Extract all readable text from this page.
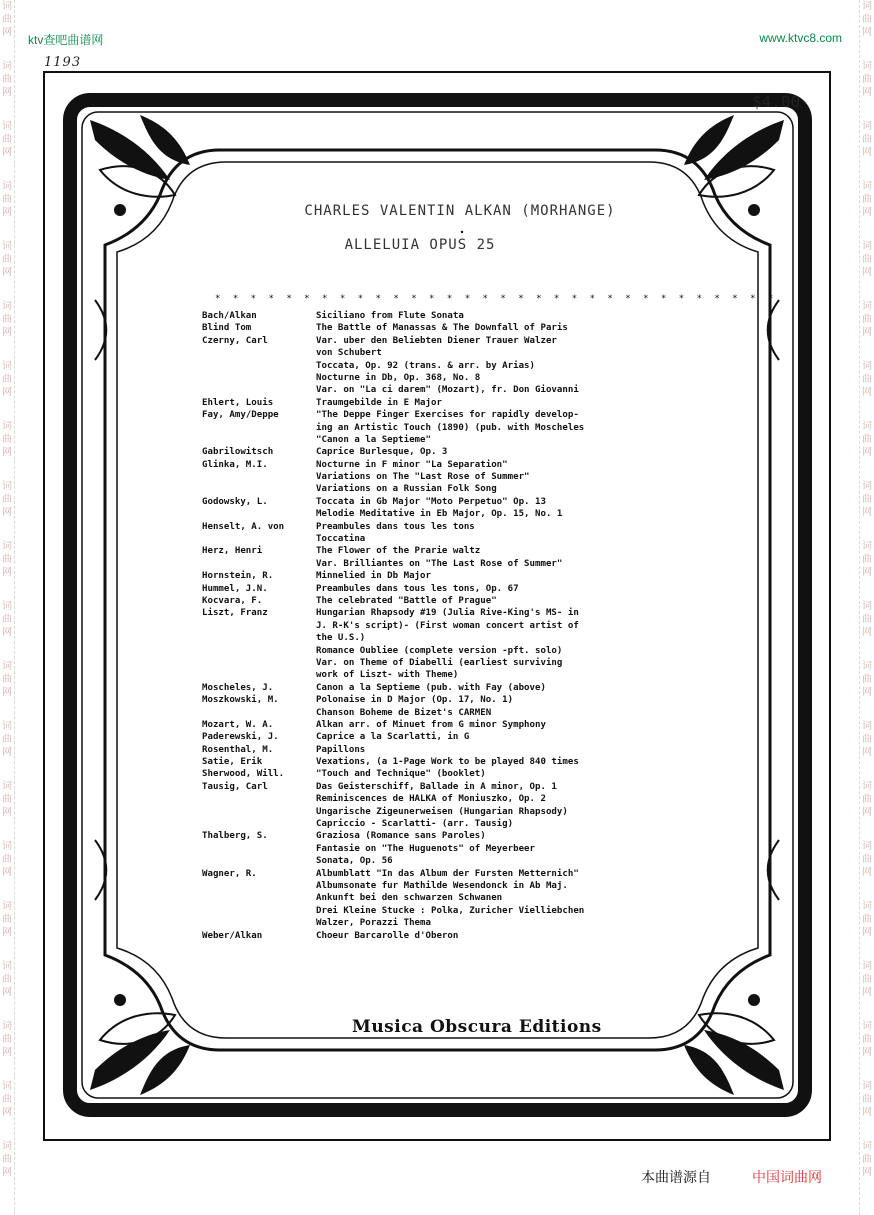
ktv查吧曲谱网	www.ktvc8.com
词
曲
网
词
曲
网
词
曲
网
词
曲
网
词
曲
网
词
曲
网
词
曲
网
词
曲
网
词
曲
网
词
曲
网
词
曲
网
词
曲
网
词
曲
网
词
曲
网
词
曲
网
词
曲
网
词
曲
网
词
曲
网
词
曲
网
词
曲
网
词
曲
网
词
曲
网
词
曲
网
词
曲
网
词
曲
网
词
曲
网
词
曲
网
词
曲
网
词
曲
网
词
曲
网
词
曲
网
词
曲
网
词
曲
网
词
曲
网
词
曲
网
词
曲
网
词
曲
网
词
曲
网
词
曲
网
词
曲
网
1193
$4.00
CHARLES VALENTIN ALKAN (MORHANGE)
ALLELUIA OPUS 25
* * * * * * * * * * * * * * * * * * * * * * * * * * * * * * * *
Bach/Alkan	Siciliano from Flute Sonata
Blind Tom	The Battle of Manassas & The Downfall of Paris
Czerny, Carl	Var. uber den Beliebten Diener Trauer Walzer
von Schubert
Toccata, Op. 92 (trans. & arr. by Arias)
Nocturne in Db, Op. 368, No. 8
Var. on "La ci darem" (Mozart), fr. Don Giovanni
Ehlert, Louis	Traumgebilde in E Major
Fay, Amy/Deppe	"The Deppe Finger Exercises for rapidly develop-
ing an Artistic Touch (1890) (pub. with Moscheles
"Canon a la Septieme"
Gabrilowitsch	Caprice Burlesque, Op. 3
Glinka, M.I.	Nocturne in F minor "La Separation"
Variations on The "Last Rose of Summer"
Variations on a Russian Folk Song
Godowsky, L.	Toccata in Gb Major "Moto Perpetuo" Op. 13
Melodie Meditative in Eb Major, Op. 15, No. 1
Henselt, A. von	Preambules dans tous les tons
Toccatina
Herz, Henri	The Flower of the Prarie waltz
Var. Brilliantes on "The Last Rose of Summer"
Hornstein, R.	Minnelied in Db Major
Hummel, J.N.	Preambules dans tous les tons, Op. 67
Kocvara, F.	The celebrated "Battle of Prague"
Liszt, Franz	Hungarian Rhapsody #19 (Julia Rive-King's MS- in
J. R-K's script)- (First woman concert artist of
the U.S.)
Romance Oubliee (complete version -pft. solo)
Var. on Theme of Diabelli (earliest surviving
work of Liszt- with Theme)
Moscheles, J.	Canon a la Septieme (pub. with Fay (above)
Moszkowski, M.	Polonaise in D Major (Op. 17, No. 1)
Chanson Boheme de Bizet's CARMEN
Mozart, W. A.	Alkan arr. of Minuet from G minor Symphony
Paderewski, J.	Caprice a la Scarlatti, in G
Rosenthal, M.	Papillons
Satie, Erik	Vexations, (a 1-Page Work to be played 840 times
Sherwood, Will.	"Touch and Technique" (booklet)
Tausig, Carl	Das Geisterschiff, Ballade in A minor, Op. 1
Reminiscences de HALKA of Moniuszko, Op. 2
Ungarische Zigeunerweisen (Hungarian Rhapsody)
Capriccio - Scarlatti- (arr. Tausig)
Thalberg, S.	Graziosa (Romance sans Paroles)
Fantasie on "The Huguenots" of Meyerbeer
Sonata, Op. 56
Wagner, R.	Albumblatt "In das Album der Fursten Metternich"
Albumsonate fur Mathilde Wesendonck in Ab Maj.
Ankunft bei den schwarzen Schwanen
Drei Kleine Stucke : Polka, Zuricher Vielliebchen
Walzer, Porazzi Thema
Weber/Alkan	Choeur Barcarolle d'Oberon
Musica Obscura Editions
本曲谱源自	中国词曲网
